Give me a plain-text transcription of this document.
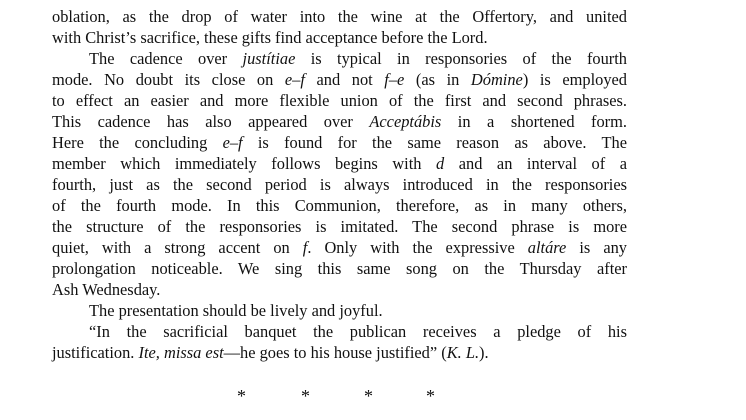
oblation, as the drop of water into the wine at the Offertory, and united
with Christ’s sacrifice, these gifts find acceptance before the Lord.

The cadence over justítiae is typical in responsories of the fourth
mode. No doubt its close on e–f and not f–e (as in Dómine) is employed
to effect an easier and more flexible union of the first and second phrases.
This cadence has also appeared over Acceptábis in a shortened form.
Here the concluding e–f is found for the same reason as above. The
member which immediately follows begins with d and an interval of a
fourth, just as the second period is always introduced in the responsories
of the fourth mode. In this Communion, therefore, as in many others,
the structure of the responsories is imitated. The second phrase is more
quiet, with a strong accent on f. Only with the expressive altáre is any
prolongation noticeable. We sing this same song on the Thursday after
Ash Wednesday.

The presentation should be lively and joyful.

“In the sacrificial banquet the publican receives a pledge of his
justification. Ite, missa est—he goes to his house justified” (K. L.).

*	*	*	*
